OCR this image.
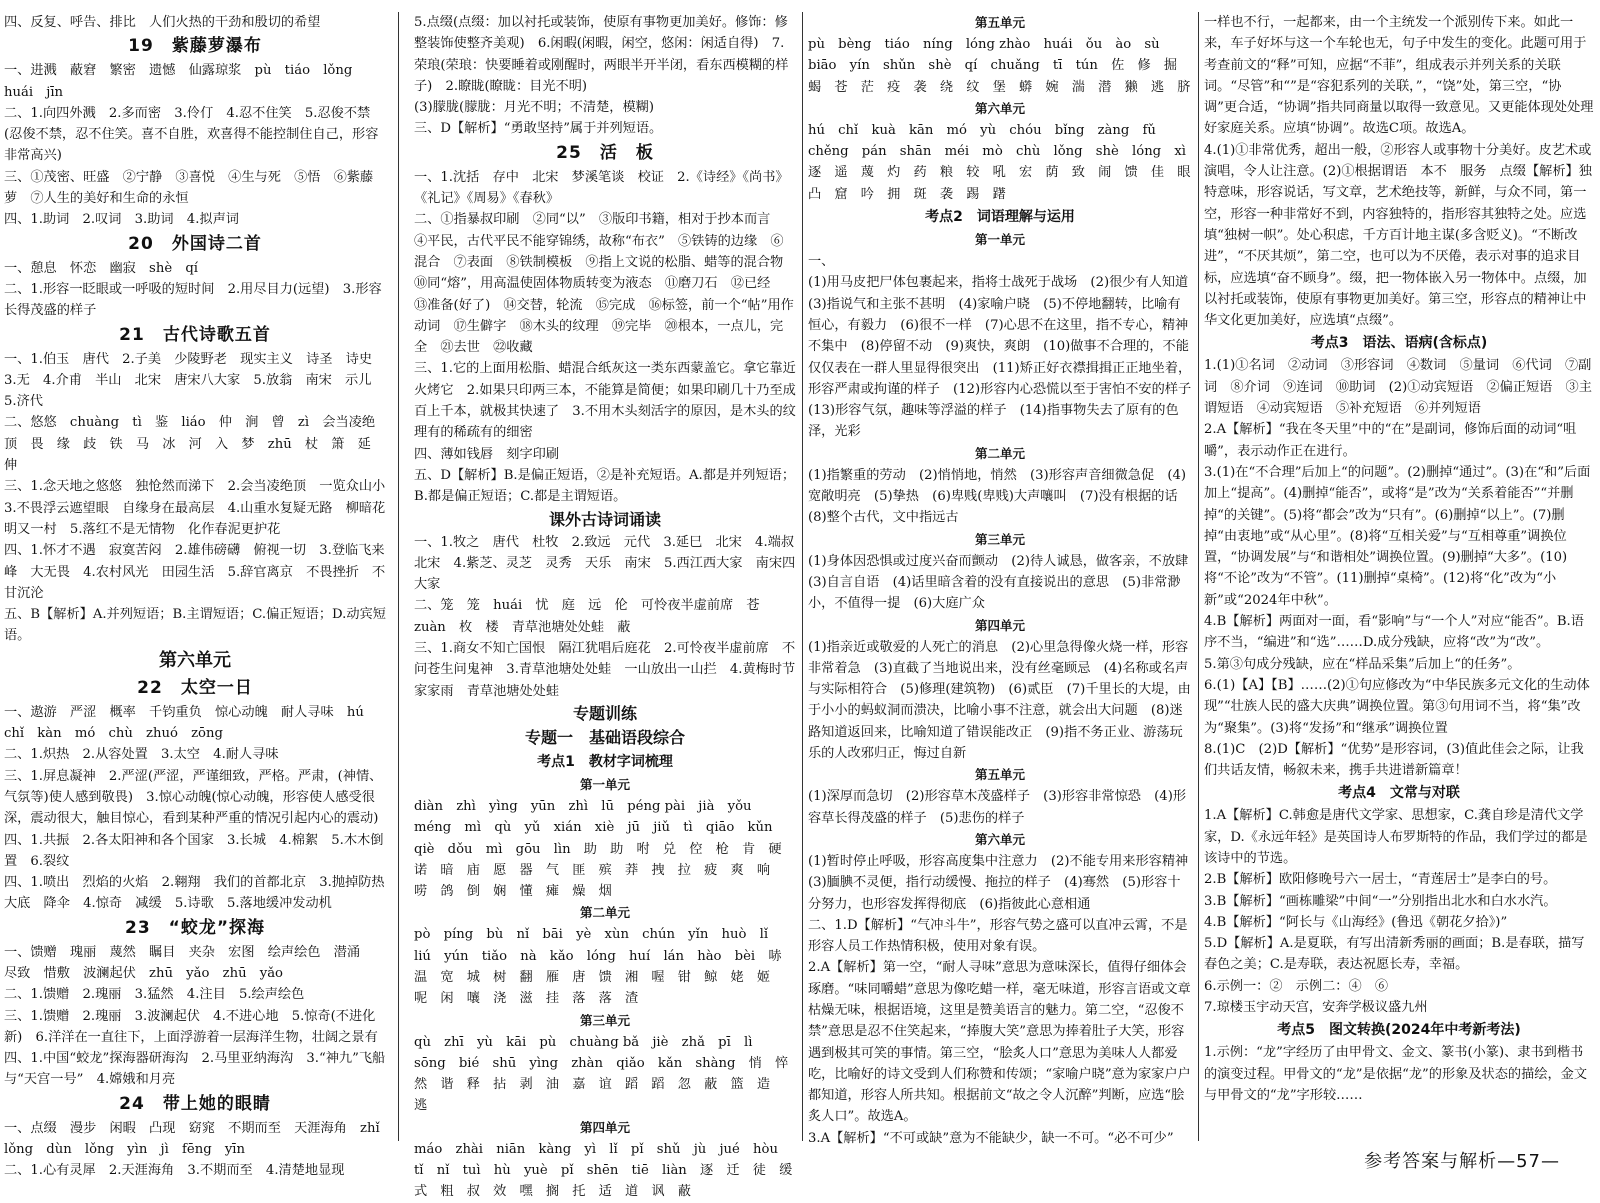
四、反复、呼告、排比　人们火热的干劲和殷切的希望

19　紫藤萝瀑布

一、进溅　蔽窘　繁密　遗憾　仙露琼浆　pù　tiáo　lǒng　huái　jīn

二、1.向四外溅　2.多而密　3.伶仃　4.忍不住笑　5.忍俊不禁(忍俊不禁，忍不住笑。喜不自胜，欢喜得不能控制住自己，形容非常高兴)

三、①茂密、旺盛　②宁静　③喜悦　④生与死　⑤悟　⑥紫藤萝　⑦人生的美好和生命的永恒

四、1.助词　2.叹词　3.助词　4.拟声词

20　外国诗二首

一、憩息　怀恋　幽寂　shè　qí

二、1.形容一眨眼或一呼吸的短时间　2.用尽目力(远望)　3.形容长得茂盛的样子

21　古代诗歌五首

一、1.伯玉　唐代　2.子美　少陵野老　现实主义　诗圣　诗史　3.无　4.介甫　半山　北宋　唐宋八大家　5.放翁　南宋　示儿　5.济代

二、悠悠　chuàng　tì　鉴　liáo　仲　涧　曾　zì　会当凌绝顶　畏　缘　歧　铁　马　冰　河　入　梦　zhū　杖　箫　延　伸

三、1.念天地之悠悠　独怆然而涕下　2.会当凌绝顶　一览众山小　3.不畏浮云遮望眼　自缘身在最高层　4.山重水复疑无路　柳暗花明又一村　5.落红不是无情物　化作春泥更护花

四、1.怀才不遇　寂寞苦闷　2.雄伟磅礴　俯视一切　3.登临飞来峰　大无畏　4.农村风光　田园生活　5.辞官离京　不畏挫折　不甘沉沦

五、B【解析】A.并列短语；B.主谓短语；C.偏正短语；D.动宾短语。

第六单元

22　太空一日

一、遨游　严涩　概率　千钧重负　惊心动魄　耐人寻味　hú　chǐ　kàn　mó　chù　zhuó　zōng

二、1.炽热　2.从容处置　3.太空　4.耐人寻味

三、1.屏息凝神　2.严涩(严涩，严谨细致，严格。严肃，(神情、气氛等)使人感到敬畏)　3.惊心动魄(惊心动魄，形容使人感受很深，震动很大，触目惊心，看到某种严重的情况引起内心的震动)

四、1.共振　2.各太阳神和各个国家　3.长城　4.棉絮　5.木木倒置　6.裂纹

四、1.喷出　烈焰的火焰　2.翱翔　我们的首都北京　3.抛掉防热大底　降伞　4.惊奇　减缓　5.诗歌　5.落地缓冲发动机

23　“蛟龙”探海

一、馈赠　瑰丽　蔑然　瞩目　夹杂　宏图　绘声绘色　潜涌　尽致　惜敷　波澜起伏　zhū　yǎo　zhū　yǎo

二、1.馈赠　2.瑰丽　3.猛然　4.注目　5.绘声绘色

三、1.馈赠　2.瑰丽　3.波澜起伏　4.不进心地　5.惊奇(不进化新)　6.洋洋在一直往下，上面浮游着一层海洋生物，壮阔之景有

四、1.中国“蛟龙”探海器研海沟　2.马里亚纳海沟　3.“神九”飞船与“天宫一号”　4.嫦娥和月亮

24　带上她的眼睛

一、点缀　漫步　闲暇　凸现　窈窕　不期而至　天涯海角　zhǐ　lǒng　dùn　lǒng　yìn　jì　fēng　yīn

二、1.心有灵犀　2.天涯海角　3.不期而至　4.清楚地显现

5.点缀(点缀：加以衬托或装饰，使原有事物更加美好。修饰：修整装饰使整齐美观)　6.闲暇(闲暇，闲空，悠闲：闲适自得)　7.荣琅(荣琅：快要睡着或刚醒时，两眼半开半闭，看东西模糊的样子)　2.瞭眬(瞭眬：目光不明)

(3)朦胧(朦胧：月光不明；不清楚，模糊)

三、D【解析】“勇敢坚持”属于并列短语。

25　活　板

一、1.沈括　存中　北宋　梦溪笔谈　校证　2.《诗经》《尚书》《礼记》《周易》《春秋》

二、①指暴叔印刷　②同“以”　③版印书籍，相对于抄本而言　④平民，古代平民不能穿锦绣，故称“布衣”　⑤铁铸的边缘　⑥混合　⑦表面　⑧铁制模板　⑨指上文说的松脂、蜡等的混合物　⑩同“熔”，用高温使固体物质转变为液态　⑪磨刀石　⑫已经　⑬准备(好了)　⑭交替，轮流　⑮完成　⑯标签，前一个“帖”用作动词　⑰生僻字　⑱木头的纹理　⑲完毕　⑳根本，一点儿，完全　㉑去世　㉒收藏

三、1.它的上面用松脂、蜡混合纸灰这一类东西蒙盖它。拿它靠近火烤它　2.如果只印两三本，不能算是简便；如果印刷几十乃至成百上千本，就极其快速了　3.不用木头刻活字的原因，是木头的纹理有的稀疏有的细密

四、薄如钱唇　刻字印刷

五、D【解析】B.是偏正短语，②是补充短语。A.都是并列短语；B.都是偏正短语；C.都是主谓短语。

课外古诗词诵读

一、1.牧之　唐代　杜牧　2.致远　元代　3.延巳　北宋　4.端叔　北宋　4.紫芝、灵芝　灵秀　天乐　南宋　5.西江西大家　南宋四大家

二、笼　笼　huái　忧　庭　远　伦　可怜夜半虚前席　苍　zuàn　枚　楼　青草池塘处处蛙　蔽

三、1.商女不知亡国恨　隔江犹唱后庭花　2.可怜夜半虚前席　不问苍生问鬼神　3.青草池塘处处蛙　一山放出一山拦　4.黄梅时节家家雨　青草池塘处处蛙

专题训练

专题一　基础语段综合

考点1　教材字词梳理

第一单元

diàn　zhì　yìng　yūn　zhì　lū　péng pài　jià　yǒu　méng　mì　qù　yǔ　xián　xiè　jū　jiǔ　tì　qiāo　kǔn　qiè　dǒu　mì　gōu　lìn　助　助　咐　兑　倥　枪　肯　硬　诺　暗　庙　愿　器　气　匪　殡　莽　拽　拉　疲　爽　响　唠　鸽　倒　娴　懂　瘫　燥　烟

第二单元

pò　píng　bù　nǐ　bāi　yè　xùn　chún　yǐn　huò　lǐ　liú　yún　tiǎo　nà　kǎo　lóng　huí　lán　hào　bèi　哧　温　宽　城　树　翻　雁　唐　馈　湘　喔　钳　鲸　姥　姬　呢　闲　嚷　浇　滋　挂　落　落　渣

第三单元

qù　zhī　yù　kāi　pù　chuàng bǎ　jiè　zhǎ　pī　lì　sōng　bié　shū　yìng　zhàn　qiǎo　kǎn　shàng　悄　悴　然　谐　释　拈　剥　油　嘉　谊　蹈　蹈　忽　蔽　篮　造　逃

第四单元

máo　zhài　niān　kàng　yì　lǐ　pǐ　shǔ　jù　jué　hòu　tǐ　nǐ　tuì　hù　yuè　pǐ　shēn　tiē　liàn　逐　迁　徒　缓　式　粗　叔　效　嘿　搁　托　适　道　讽　蔽

第五单元

pù　bèng　tiáo　níng　lóng zhào　huái　ǒu　ào　sù biāo　yín　shǔn　shè　qí　chuǎng　tī　tún　佐　修　掘　蝎　苍　茫　疫　袭　绕　纹　堡　蟒　婉　湍　潜　獭　逃　脐

第六单元

hú　chǐ　kuà　kān　mó　yù　chóu　bǐng　zàng　fǔ　chěng　pán　shān　méi　mò　chù　lǒng　shè　lóng　xì　逐　遥　蔑　灼　药　粮　较　吼　宏　荫　致　闹　馈　佳　眼　凸　窟　吟　拥　斑　袭　踢　躇

考点2　词语理解与运用

第一单元

一、

(1)用马皮把尸体包裹起来，指将士战死于战场　(2)很少有人知道　(3)指说气和主张不甚明　(4)家喻户晓　(5)不停地翻转，比喻有恒心，有毅力　(6)很不一样　(7)心思不在这里，指不专心，精神不集中　(8)停留不动　(9)爽快，爽朗　(10)做事不合理的，不能仅仅表在一群人里显得很突出　(11)矫正好衣襟揖揖正正地坐着，形容严肃或拘谨的样子　(12)形容内心恐慌以至于害怕不安的样子　(13)形容气氛，趣味等浮溢的样子　(14)指事物失去了原有的色泽，光彩

第二单元

(1)指繁重的劳动　(2)悄悄地，悄然　(3)形容声音细微急促　(4)宽敞明亮　(5)挚热　(6)卑贱(卑贱)大声嚷叫　(7)没有根据的话　(8)整个古代，文中指远古

第三单元

(1)身体因恐惧或过度兴奋而颤动　(2)待人诚恳，做客亲，不放肆　(3)自言自语　(4)话里暗含着的没有直接说出的意思　(5)非常渺小，不值得一提　(6)大庭广众

第四单元

(1)指亲近或敬爱的人死亡的消息　(2)心里急得像火烧一样，形容非常着急　(3)直截了当地说出来，没有丝毫顾忌　(4)名称或名声与实际相符合　(5)修理(建筑物)　(6)贰臣　(7)千里长的大堤，由于小小的蚂蚁洞而溃决，比喻小事不注意，就会出大问题　(8)迷路知道返回来，比喻知道了错误能改正　(9)指不务正业、游荡玩乐的人改邪归正，悔过自新

第五单元

(1)深厚而急切　(2)形容草木茂盛样子　(3)形容非常惊恐　(4)形容草长得茂盛的样子　(5)悲伤的样子

第六单元

(1)暂时停止呼吸，形容高度集中注意力　(2)不能专用来形容精神　(3)腼腆不灵便，指行动缓慢、拖拉的样子　(4)骞然　(5)形容十分努力，也形容发挥得彻底　(6)指彼此心意相通

二、1.D【解析】“气冲斗牛”，形容气势之盛可以直冲云霄，不是形容人员工作热情积极，使用对象有误。

2.A【解析】第一空，“耐人寻味”意思为意味深长，值得仔细体会琢磨。“味同嚼蜡”意思为像吃蜡一样，毫无味道，形容言语或文章枯燥无味，根据语境，这里是赞美语言的魅力。第二空，“忍俊不禁”意思是忍不住笑起来，“捧腹大笑”意思为捧着肚子大笑，形容遇到极其可笑的事情。第三空，“脍炙人口”意思为美味人人都爱吃，比喻好的诗文受到人们称赞和传颂；“家喻户晓”意为家家户户都知道，形容人所共知。根据前文“故之令人沉醉”判断，应选“脍炙人口”。故选A。

3.A【解析】“不可或缺”意为不能缺少，缺一不可。“必不可少”

一样也不行，一起都来，由一个主统发一个派别传下来。如此一来，车子好坏与这一个车轮也无，句子中发生的变化。此题可用于考查前文的“释”可知，应据“不菲”，组成表示并列关系的关联词。“尽管”和“”是“容犯系列的关联，”，“饶”处，第三空，“协调”更合适，“协调”指共同商量以取得一致意见。又更能体现处处理好家庭关系。应填“协调”。故选C项。故选A。

4.(1)①非常优秀，超出一般，②形容人或事物十分美好。皮艺术或演唱，令人让注意。(2)①根据谓语　本不　服务　点缀【解析】独特意味，形容说话，写文章，艺术绝技等，新鲜，与众不同，第一空，形容一种非常好不到，内容独特的，指形容其独特之处。应选填“独树一帜”。处心积虑，千方百计地主谋(多含贬义)。“不断改进”，“不厌其烦”，第二空，也可以为不厌倦，表示对事的追求目标，应选填“奋不顾身”。缀，把一物体嵌入另一物体中。点缀，加以衬托或装饰，使原有事物更加美好。第三空，形容点的精神让中华文化更加美好，应选填“点缀”。

考点3　语法、语病(含标点)

1.(1)①名词　②动词　③形容词　④数词　⑤量词　⑥代词　⑦副词　⑧介词　⑨连词　⑩助词　(2)①动宾短语　②偏正短语　③主谓短语　④动宾短语　⑤补充短语　⑥并列短语

2.A【解析】“我在冬天里”中的“在”是副词，修饰后面的动词“咀嚼”，表示动作正在进行。

3.(1)在“不合理”后加上“的问题”。(2)删掉“通过”。(3)在“和”后面加上“提高”。(4)删掉“能否”，或将“是”改为“关系着能否”“并删掉“的关键”。(5)将“都会”改为“只有”。(6)删掉“以上”。(7)删掉“由衷地”或“从心里”。(8)将“互相关爱”与“互相尊重”调换位置，“协调发展”与“和谐相处”调换位置。(9)删掉“大多”。(10)将“不论”改为“不管”。(11)删掉“桌椅”。(12)将“化”改为“小新”或“2024年中秋”。

4.B【解析】两面对一面，看“影响”与“一个人”对应“能否”。B.语序不当，“编进”和“选”……D.成分残缺，应将“改”为“改”。

5.第③句成分残缺，应在“样品采集”后加上“的任务”。

6.(1)【A】【B】……(2)①句应修改为“中华民族多元文化的生动体现”“壮族人民的盛大庆典”调换位置。第③句用词不当，将“集”改为“聚集”。(3)将“发扬”和“继承”调换位置

8.(1)C　(2)D【解析】“优势”是形容词，(3)值此佳会之际，让我们共话友情，畅叙未来，携手共进谱新篇章！

考点4　文常与对联

1.A【解析】C.韩愈是唐代文学家、思想家，C.龚自珍是清代文学家，D.《永远年轻》是英国诗人布罗斯特的作品，我们学过的都是该诗中的节选。

2.B【解析】欧阳修晚号六一居士，“青莲居士”是李白的号。

3.B【解析】“画栋雕梁”中间“一”分别指出北水和白水水汽。

4.B【解析】“阿长与《山海经》(鲁迅《朝花夕拾》)”

5.D【解析】A.是夏联，有写出清新秀丽的画面；B.是春联，描写春色之美；C.是寿联，表达祝愿长寿，幸福。

6.示例一：②　示例二：④　⑥

7.琼楼玉宇动天宫，安奔学极议盛九州

考点5　图文转换(2024年中考新考法)

1.示例：“龙”字经历了由甲骨文、金文、篆书(小篆)、隶书到楷书的演变过程。甲骨文的“龙”是依据“龙”的形象及状态的描绘，金文与甲骨文的“龙”字形较……

参考答案与解析—57—
